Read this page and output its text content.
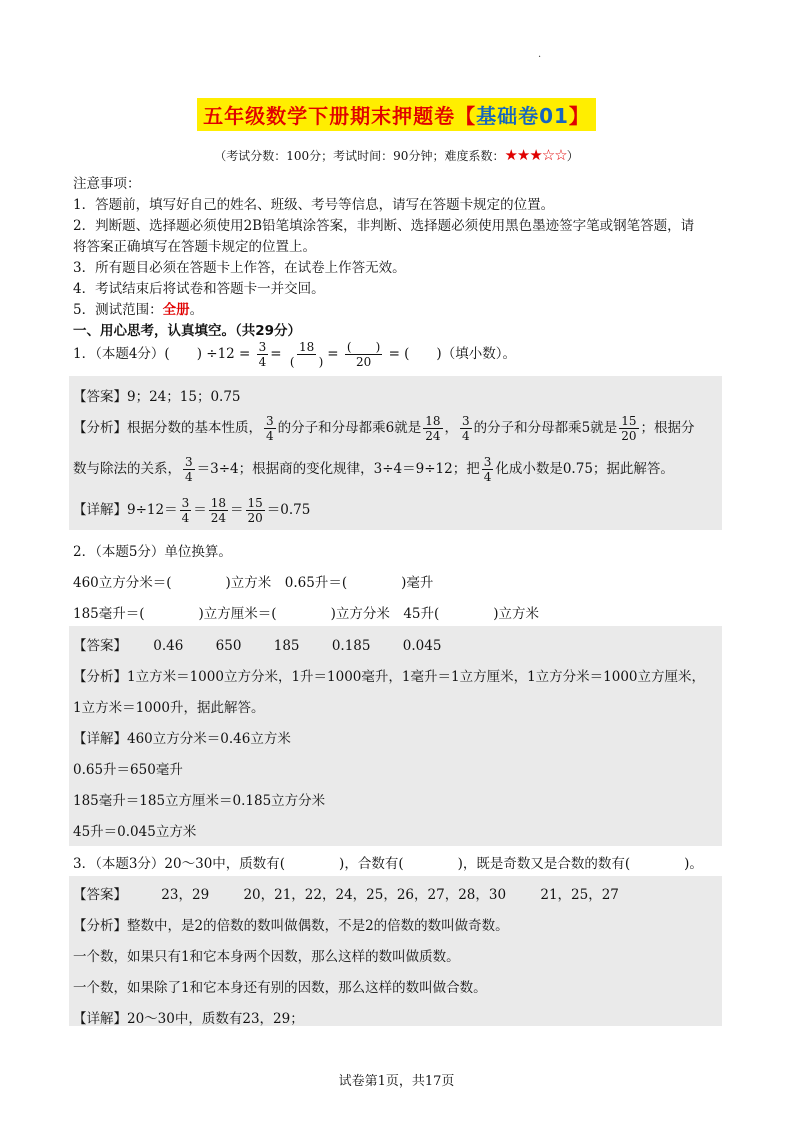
·
五年级数学下册期末押题卷【基础卷01】
（考试分数：100分；考试时间：90分钟；难度系数：★★★☆☆）
注意事项：
1．答题前，填写好自己的姓名、班级、考号等信息，请写在答题卡规定的位置。
2．判断题、选择题必须使用2B铅笔填涂答案，非判断、选择题必须使用黑色墨迹签字笔或钢笔答题，请
将答案正确填写在答题卡规定的位置上。
3．所有题目必须在答题卡上作答，在试卷上作答无效。
4．考试结束后将试卷和答题卡一并交回。
5．测试范围：全册。
一、用心思考，认真填空。（共29分）
1．（本题4分）(　　) $\div 12 = \frac{3}{4} = \frac{18}{( )} = \frac{( )}{20}$ = (　　)（填小数）。
【答案】9；24；15；0.75
【分析】根据分数的基本性质， $\frac{3}{4}$ 的分子和分母都乘6就是 $\frac{18}{24}$ ， $\frac{3}{4}$ 的分子和分母都乘5就是 $\frac{15}{20}$ ；根据分
数与除法的关系， $\frac{3}{4} =3\div 4$；根据商的变化规律，3÷4＝9÷12；把 $\frac{3}{4}$ 化成小数是0.75；据此解答。
【详解】$9\div 12= \frac{3}{4} = \frac{18}{24} = \frac{15}{20} =0.75$
2．（本题5分）单位换算。
460立方分米＝(　　　　)立方米　0.65升＝(　　　　)毫升
185毫升＝(　　　　)立方厘米＝(　　　　)立方分米　45升(　　　　)立方米
【答案】 0.46 650 185 0.185 0.045
【分析】1立方米＝1000立方分米，1升＝1000毫升，1毫升＝1立方厘米，1立方分米＝1000立方厘米，
1立方米＝1000升，据此解答。
【详解】460立方分米＝0.46立方米
0.65升＝650毫升
185毫升＝185立方厘米＝0.185立方分米
45升＝0.045立方米
3．（本题3分）20～30中，质数有(　　　　)，合数有(　　　　)，既是奇数又是合数的数有(　　　　)。
【答案】	23，29	20，21，22，24，25，26，27，28，30	21，25，27
【分析】整数中，是2的倍数的数叫做偶数，不是2的倍数的数叫做奇数。
一个数，如果只有1和它本身两个因数，那么这样的数叫做质数。
一个数，如果除了1和它本身还有别的因数，那么这样的数叫做合数。
【详解】20～30中，质数有23，29；
试卷第1页，共17页
